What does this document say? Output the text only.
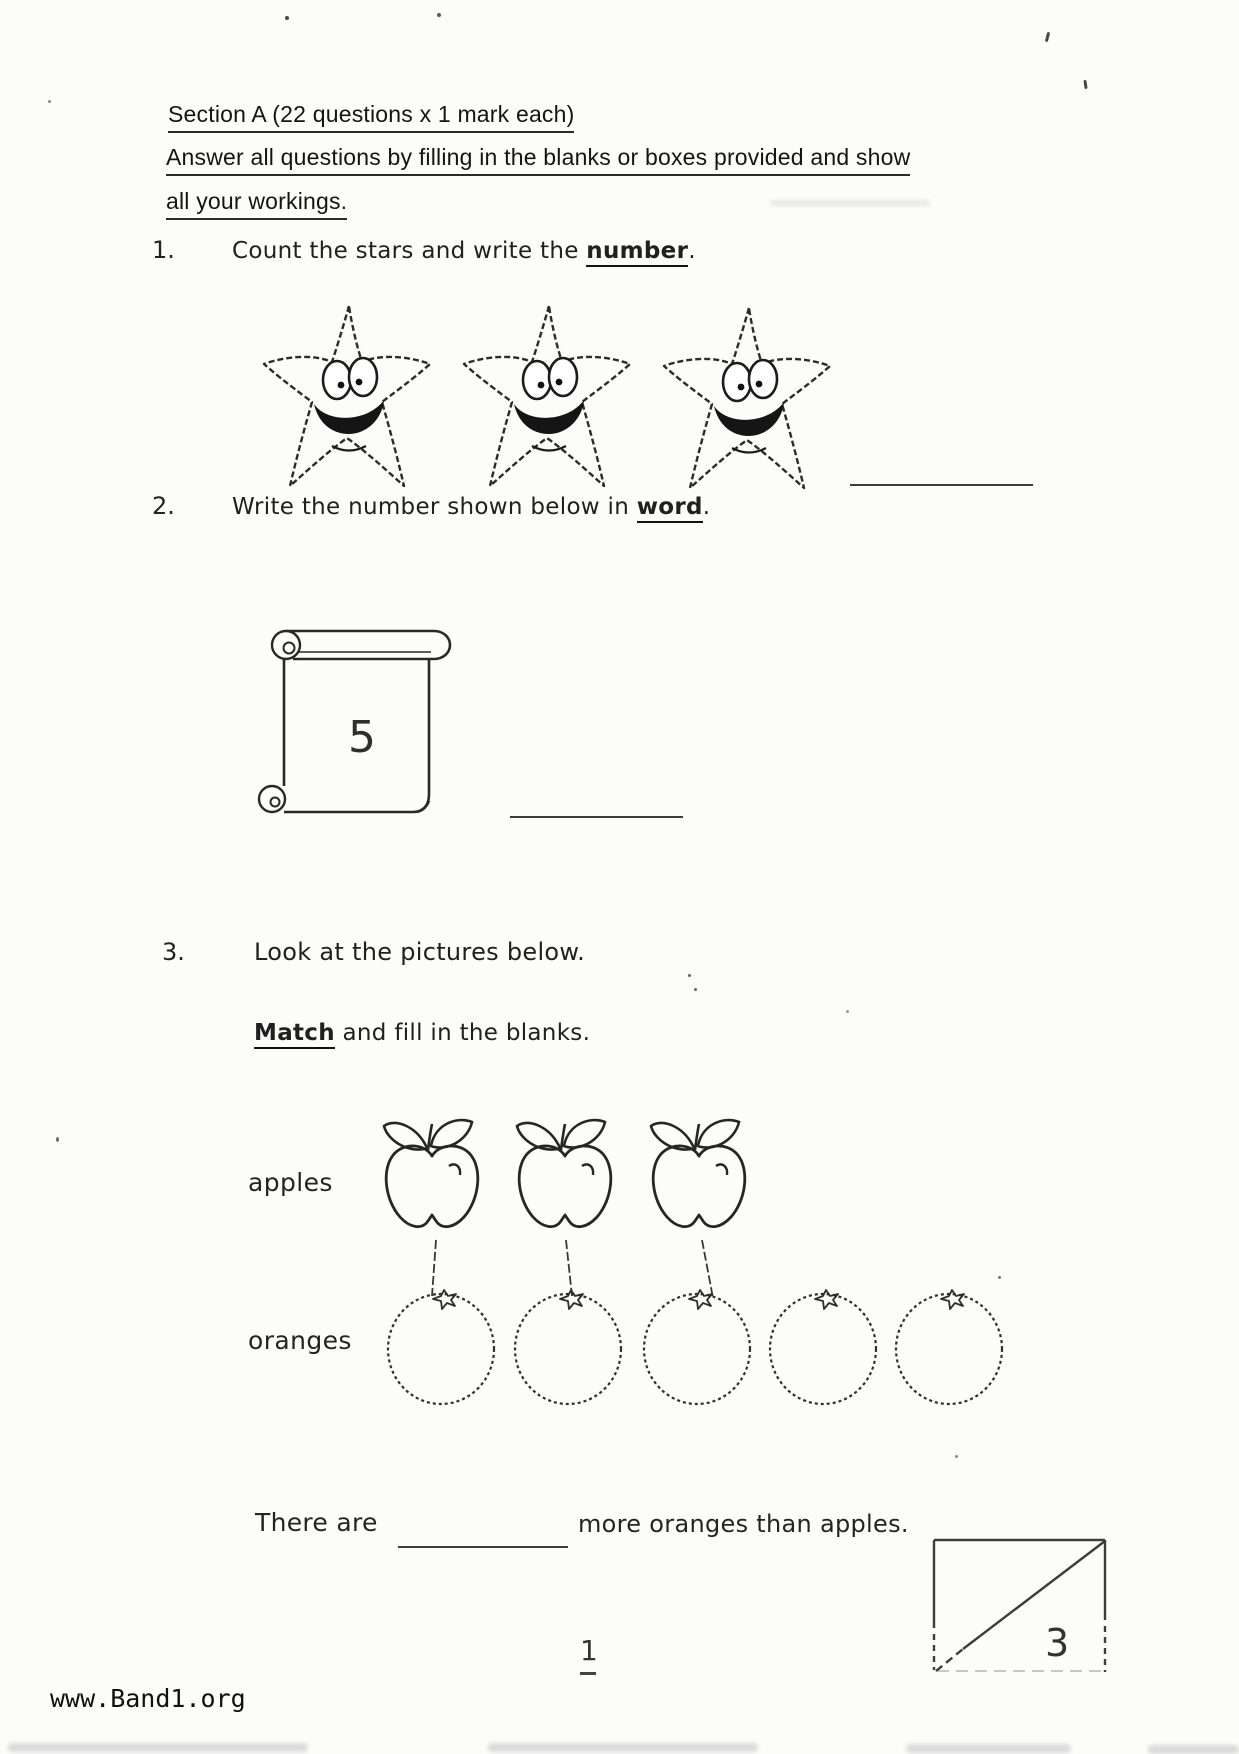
Section A (22 questions x 1 mark each)
Answer all questions by filling in the blanks or boxes provided and show
all your workings.
1. Count the stars and write the number.
2. Write the number shown below in word.
5
3.	Look at the pictures below.
Match and fill in the blanks.
apples
oranges
There are	more oranges than apples.
3
1
www.Band1.org
